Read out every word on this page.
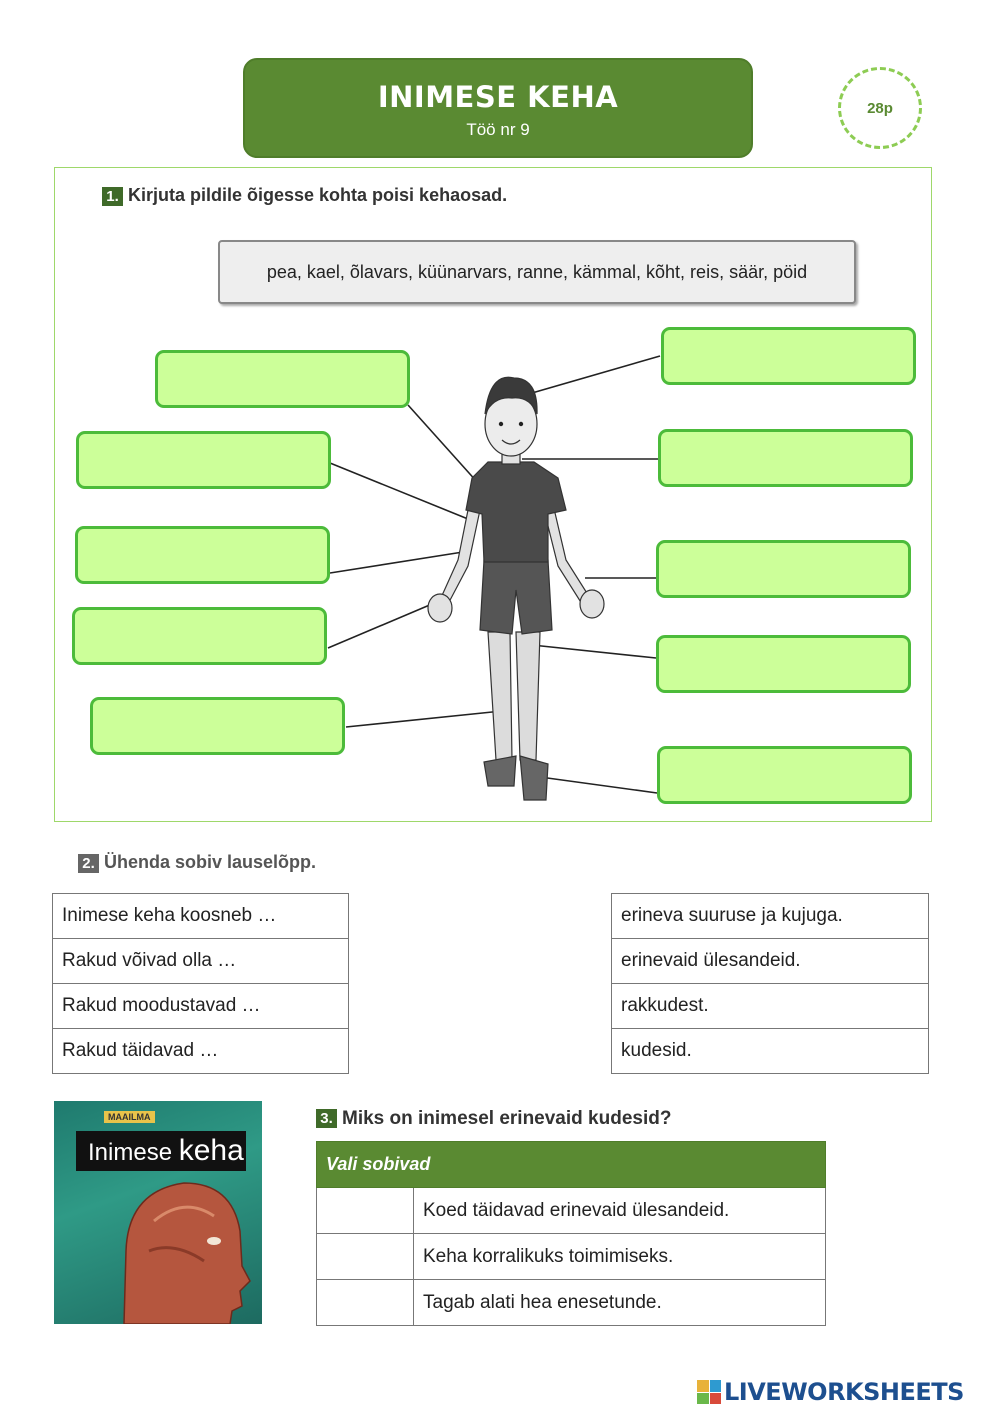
INIMESE KEHA
Töö nr 9
28p
1. Kirjuta pildile õigesse kohta poisi kehaosad.
pea, kael, õlavars, küünarvars, ranne, kämmal, kõht, reis, säär, pöid
2. Ühenda sobiv lauselõpp.
Inimese keha koosneb …
Rakud võivad olla …
Rakud moodustavad …
Rakud täidavad …
erineva suuruse ja kujuga.
erinevaid ülesandeid.
rakkudest.
kudesid.
MAAILMA
Inimese keha
3. Miks on inimesel erinevaid kudesid?
Vali sobivad	
	Koed täidavad erinevaid ülesandeid.
	Keha korralikuks toimimiseks.
	Tagab alati hea enesetunde.
LIVEWORKSHEETS
